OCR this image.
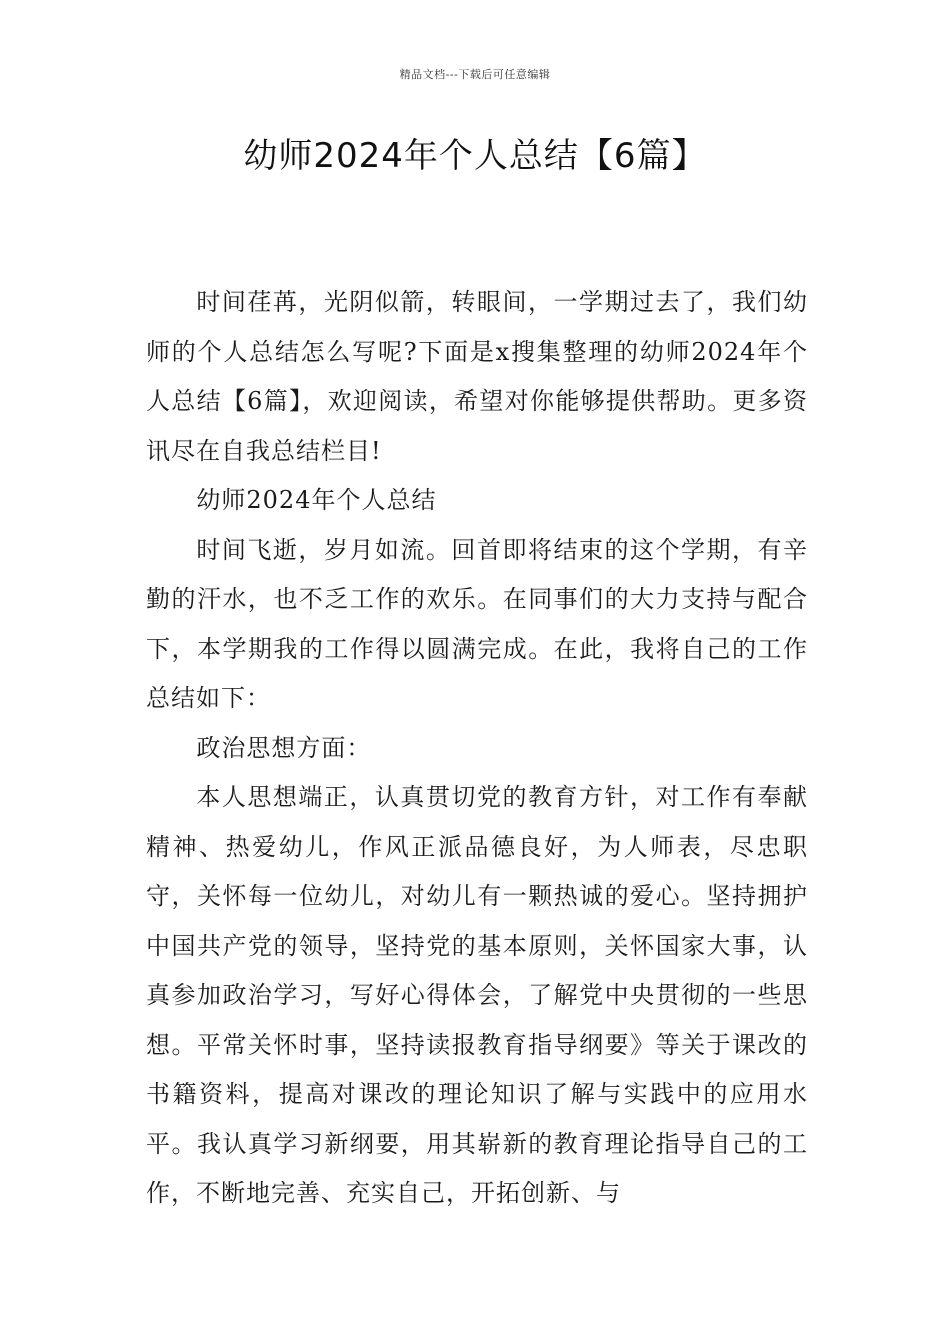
精品文档---下载后可任意编辑
幼师2024年个人总结【6篇】

时间荏苒，光阴似箭，转眼间，一学期过去了，我们幼师的个人总结怎么写呢?下面是x搜集整理的幼师2024年个人总结【6篇】，欢迎阅读，希望对你能够提供帮助。更多资讯尽在自我总结栏目!

幼师2024年个人总结

时间飞逝，岁月如流。回首即将结束的这个学期，有辛勤的汗水，也不乏工作的欢乐。在同事们的大力支持与配合下，本学期我的工作得以圆满完成。在此，我将自己的工作总结如下：

政治思想方面：

本人思想端正，认真贯切党的教育方针，对工作有奉献精神、热爱幼儿，作风正派品德良好，为人师表，尽忠职守，关怀每一位幼儿，对幼儿有一颗热诚的爱心。坚持拥护中国共产党的领导，坚持党的基本原则，关怀国家大事，认真参加政治学习，写好心得体会，了解党中央贯彻的一些思想。平常关怀时事，坚持读报教育指导纲要》等关于课改的书籍资料，提高对课改的理论知识了解与实践中的应用水平。我认真学习新纲要，用其崭新的教育理论指导自己的工作，不断地完善、充实自己，开拓创新、与
